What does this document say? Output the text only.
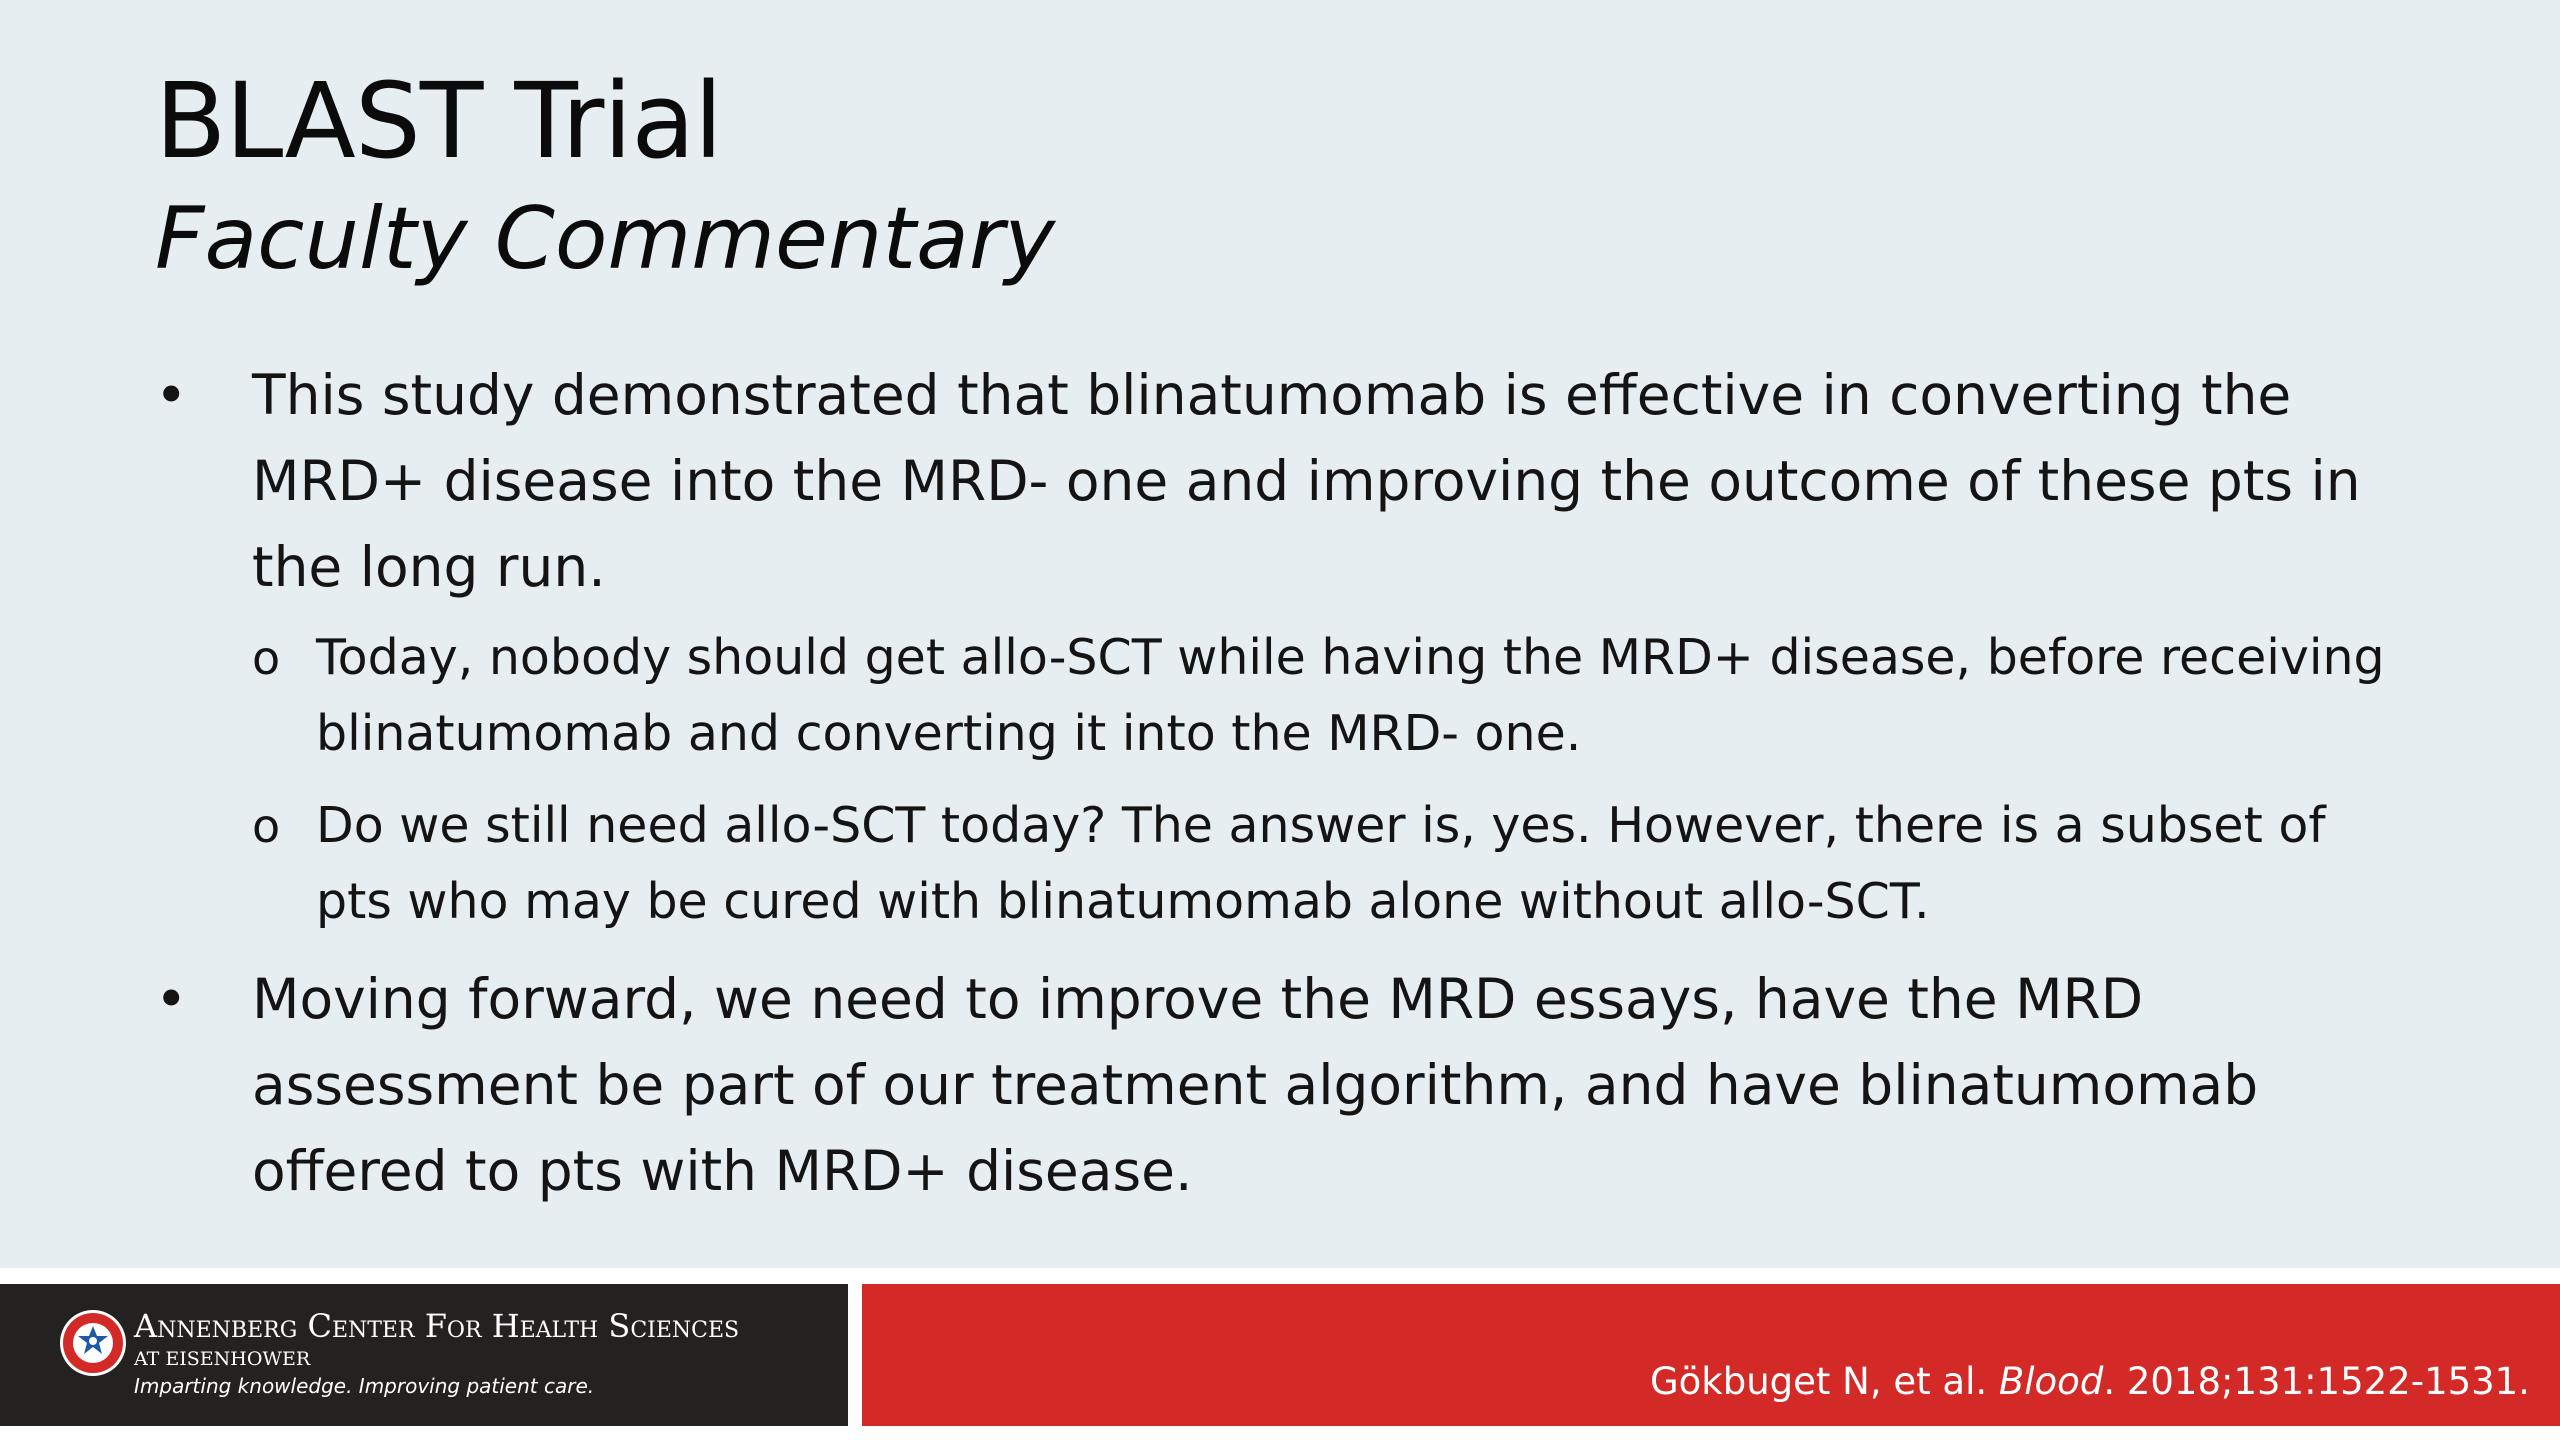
BLAST Trial
Faculty Commentary
• This study demonstrated that blinatumomab is effective in converting the MRD+ disease into the MRD- one and improving the outcome of these pts in the long run.
o Today, nobody should get allo-SCT while having the MRD+ disease, before receiving blinatumomab and converting it into the MRD- one.
o Do we still need allo-SCT today? The answer is, yes. However, there is a subset of pts who may be cured with blinatumomab alone without allo-SCT.
• Moving forward, we need to improve the MRD essays, have the MRD assessment be part of our treatment algorithm, and have blinatumomab offered to pts with MRD+ disease.
Annenberg Center For Health Sciences
AT EISENHOWER
Imparting knowledge. Improving patient care.	Gökbuget N, et al. Blood. 2018;131:1522-1531.
